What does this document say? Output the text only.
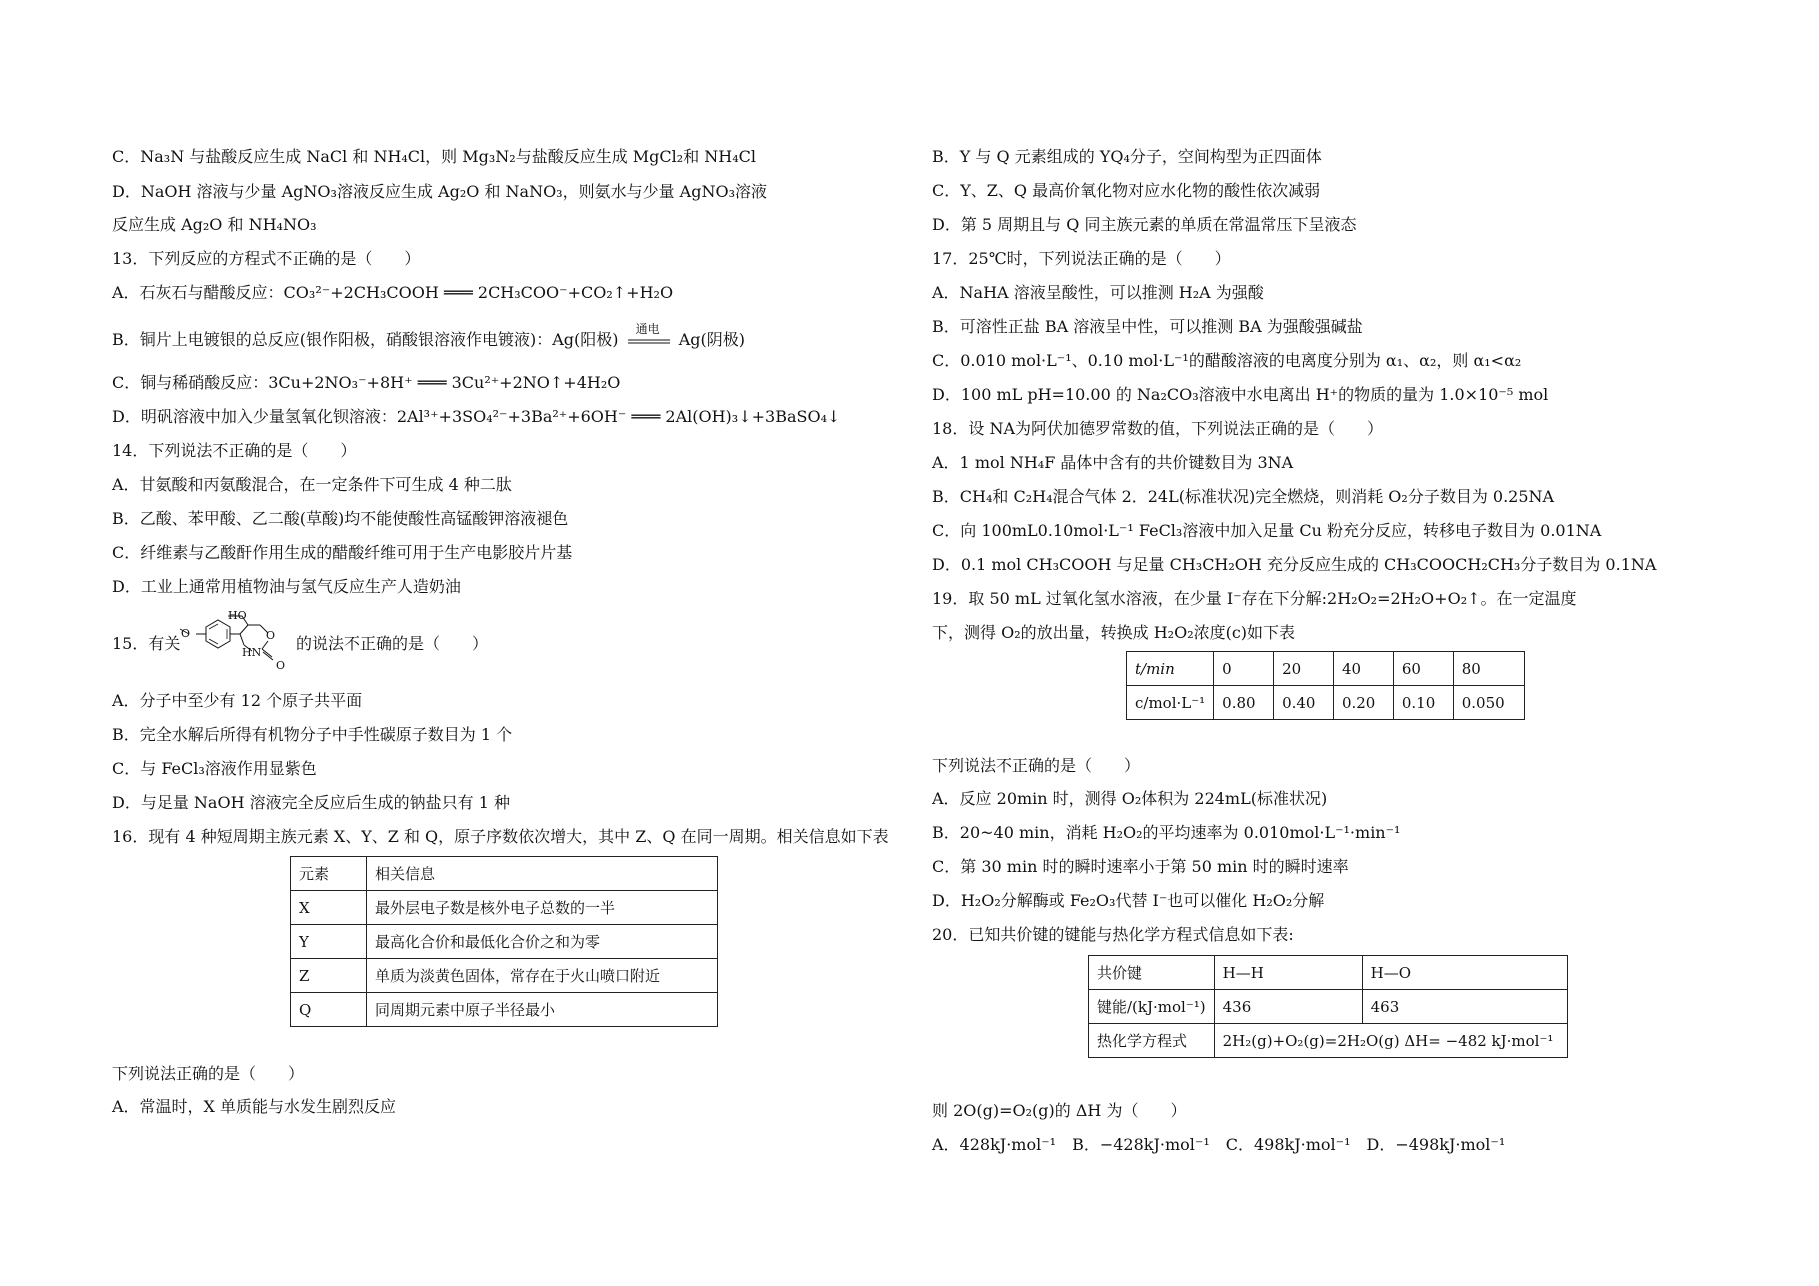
C．Na₃N 与盐酸反应生成 NaCl 和 NH₄Cl，则 Mg₃N₂与盐酸反应生成 MgCl₂和 NH₄Cl
D．NaOH 溶液与少量 AgNO₃溶液反应生成 Ag₂O 和 NaNO₃，则氨水与少量 AgNO₃溶液
反应生成 Ag₂O 和 NH₄NO₃
13．下列反应的方程式不正确的是（　　）
A．石灰石与醋酸反应：CO₃²⁻+2CH₃COOH ═══ 2CH₃COO⁻+CO₂↑+H₂O
B．铜片上电镀银的总反应(银作阳极，硝酸银溶液作电镀液)：Ag(阳极)
通电
Ag(阴极)
C．铜与稀硝酸反应：3Cu+2NO₃⁻+8H⁺ ═══ 3Cu²⁺+2NO↑+4H₂O
D．明矾溶液中加入少量氢氧化钡溶液：2Al³⁺+3SO₄²⁻+3Ba²⁺+6OH⁻ ═══ 2Al(OH)₃↓+3BaSO₄↓
14．下列说法不正确的是（　　）
A．甘氨酸和丙氨酸混合，在一定条件下可生成 4 种二肽
B．乙酸、苯甲酸、乙二酸(草酸)均不能使酸性高锰酸钾溶液褪色
C．纤维素与乙酸酐作用生成的醋酸纤维可用于生产电影胶片片基
D．工业上通常用植物油与氢气反应生产人造奶油
15．有关
HO
O	O
HN
O
的说法不正确的是（　　）
A．分子中至少有 12 个原子共平面
B．完全水解后所得有机物分子中手性碳原子数目为 1 个
C．与 FeCl₃溶液作用显紫色
D．与足量 NaOH 溶液完全反应后生成的钠盐只有 1 种
16．现有 4 种短周期主族元素 X、Y、Z 和 Q，原子序数依次增大，其中 Z、Q 在同一周期。相关信息如下表
元素	相关信息
X	最外层电子数是核外电子总数的一半
Y	最高化合价和最低化合价之和为零
Z	单质为淡黄色固体，常存在于火山喷口附近
Q	同周期元素中原子半径最小
下列说法正确的是（　　）
A．常温时，X 单质能与水发生剧烈反应
B．Y 与 Q 元素组成的 YQ₄分子，空间构型为正四面体
C．Y、Z、Q 最高价氧化物对应水化物的酸性依次减弱
D．第 5 周期且与 Q 同主族元素的单质在常温常压下呈液态
17．25℃时，下列说法正确的是（　　）
A．NaHA 溶液呈酸性，可以推测 H₂A 为强酸
B．可溶性正盐 BA 溶液呈中性，可以推测 BA 为强酸强碱盐
C．0.010 mol·L⁻¹、0.10 mol·L⁻¹的醋酸溶液的电离度分别为 α₁、α₂，则 α₁<α₂
D．100 mL pH=10.00 的 Na₂CO₃溶液中水电离出 H⁺的物质的量为 1.0×10⁻⁵ mol
18．设 NA为阿伏加德罗常数的值，下列说法正确的是（　　）
A．1 mol NH₄F 晶体中含有的共价键数目为 3NA
B．CH₄和 C₂H₄混合气体 2．24L(标准状况)完全燃烧，则消耗 O₂分子数目为 0.25NA
C．向 100mL0.10mol·L⁻¹ FeCl₃溶液中加入足量 Cu 粉充分反应，转移电子数目为 0.01NA
D．0.1 mol CH₃COOH 与足量 CH₃CH₂OH 充分反应生成的 CH₃COOCH₂CH₃分子数目为 0.1NA
19．取 50 mL 过氧化氢水溶液，在少量 I⁻存在下分解:2H₂O₂=2H₂O+O₂↑。在一定温度
下，测得 O₂的放出量，转换成 H₂O₂浓度(c)如下表
t/min	0	20	40	60	80
c/mol·L⁻¹	0.80	0.40	0.20	0.10	0.050
下列说法不正确的是（　　）
A．反应 20min 时，测得 O₂体积为 224mL(标准状况)
B．20~40 min，消耗 H₂O₂的平均速率为 0.010mol·L⁻¹·min⁻¹
C．第 30 min 时的瞬时速率小于第 50 min 时的瞬时速率
D．H₂O₂分解酶或 Fe₂O₃代替 I⁻也可以催化 H₂O₂分解
20．已知共价键的键能与热化学方程式信息如下表:
共价键	H—H	H—O
键能/(kJ·mol⁻¹)	436	463
热化学方程式	2H₂(g)+O₂(g)=2H₂O(g) ΔH= −482 kJ·mol⁻¹	
则 2O(g)=O₂(g)的 ΔH 为（　　）
A．428kJ·mol⁻¹　B．−428kJ·mol⁻¹　C．498kJ·mol⁻¹　D．−498kJ·mol⁻¹
